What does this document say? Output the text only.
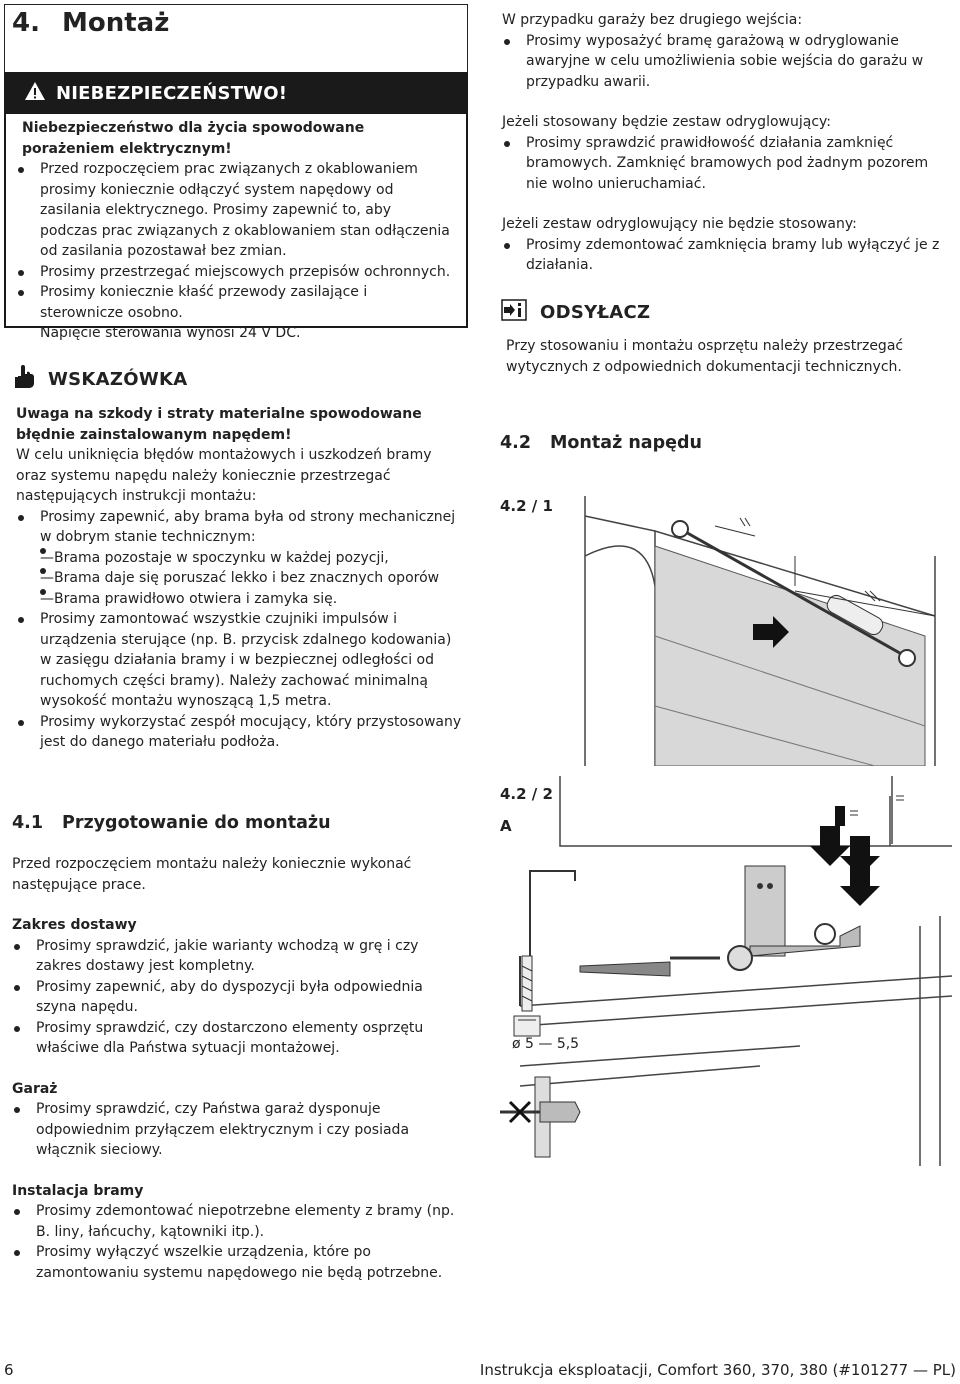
4. Montaż
NIEBEZPIECZEŃSTWO!
Niebezpieczeństwo dla życia spowodowane porażeniem elektrycznym!
Przed rozpoczęciem prac związanych z okablowaniem prosimy koniecznie odłączyć system napędowy od zasilania elektrycznego. Prosimy zapewnić to, aby podczas prac związanych z okablowaniem stan odłączenia od zasilania pozostawał bez zmian.
Prosimy przestrzegać miejscowych przepisów ochronnych.
Prosimy koniecznie kłaść przewody zasilające i sterownicze osobno.
Napięcie sterowania wynosi 24 V DC.
WSKAZÓWKA
Uwaga na szkody i straty materialne spowodowane błędnie zainstalowanym napędem!
W celu uniknięcia błędów montażowych i uszkodzeń bramy oraz systemu napędu należy koniecznie przestrzegać następujących instrukcji montażu:
Prosimy zapewnić, aby brama była od strony mechanicznej w dobrym stanie technicznym:
— Brama pozostaje w spoczynku w każdej pozycji,
— Brama daje się poruszać lekko i bez znacznych oporów
— Brama prawidłowo otwiera i zamyka się.
Prosimy zamontować wszystkie czujniki impulsów i urządzenia sterujące (np. B. przycisk zdalnego kodowania) w zasięgu działania bramy i w bezpiecznej odległości od ruchomych części bramy). Należy zachować minimalną wysokość montażu wynoszącą 1,5 metra.
Prosimy wykorzystać zespół mocujący, który przystosowany jest do danego materiału podłoża.
4.1 Przygotowanie do montażu
Przed rozpoczęciem montażu należy koniecznie wykonać następujące prace.
Zakres dostawy
Prosimy sprawdzić, jakie warianty wchodzą w grę i czy zakres dostawy jest kompletny.
Prosimy zapewnić, aby do dyspozycji była odpowiednia szyna napędu.
Prosimy sprawdzić, czy dostarczono elementy osprzętu właściwe dla Państwa sytuacji montażowej.
Garaż
Prosimy sprawdzić, czy Państwa garaż dysponuje odpowiednim przyłączem elektrycznym i czy posiada włącznik sieciowy.
Instalacja bramy
Prosimy zdemontować niepotrzebne elementy z bramy (np. B. liny, łańcuchy, kątowniki itp.).
Prosimy wyłączyć wszelkie urządzenia, które po zamontowaniu systemu napędowego nie będą potrzebne.
W przypadku garaży bez drugiego wejścia:
Prosimy wyposażyć bramę garażową w odryglowanie awaryjne w celu umożliwienia sobie wejścia do garażu w przypadku awarii.
Jeżeli stosowany będzie zestaw odryglowujący:
Prosimy sprawdzić prawidłowość działania zamknięć bramowych. Zamknięć bramowych pod żadnym pozorem nie wolno unieruchamiać.
Jeżeli zestaw odryglowujący nie będzie stosowany:
Prosimy zdemontować zamknięcia bramy lub wyłączyć je z działania.
ODSYŁACZ
Przy stosowaniu i montażu osprzętu należy przestrzegać wytycznych z odpowiednich dokumentacji technicznych.
4.2 Montaż napędu
4.2 / 1
4.2 / 2
A
ø 5 — 5,5
6	Instrukcja eksploatacji, Comfort 360, 370, 380 (#101277 — PL)
